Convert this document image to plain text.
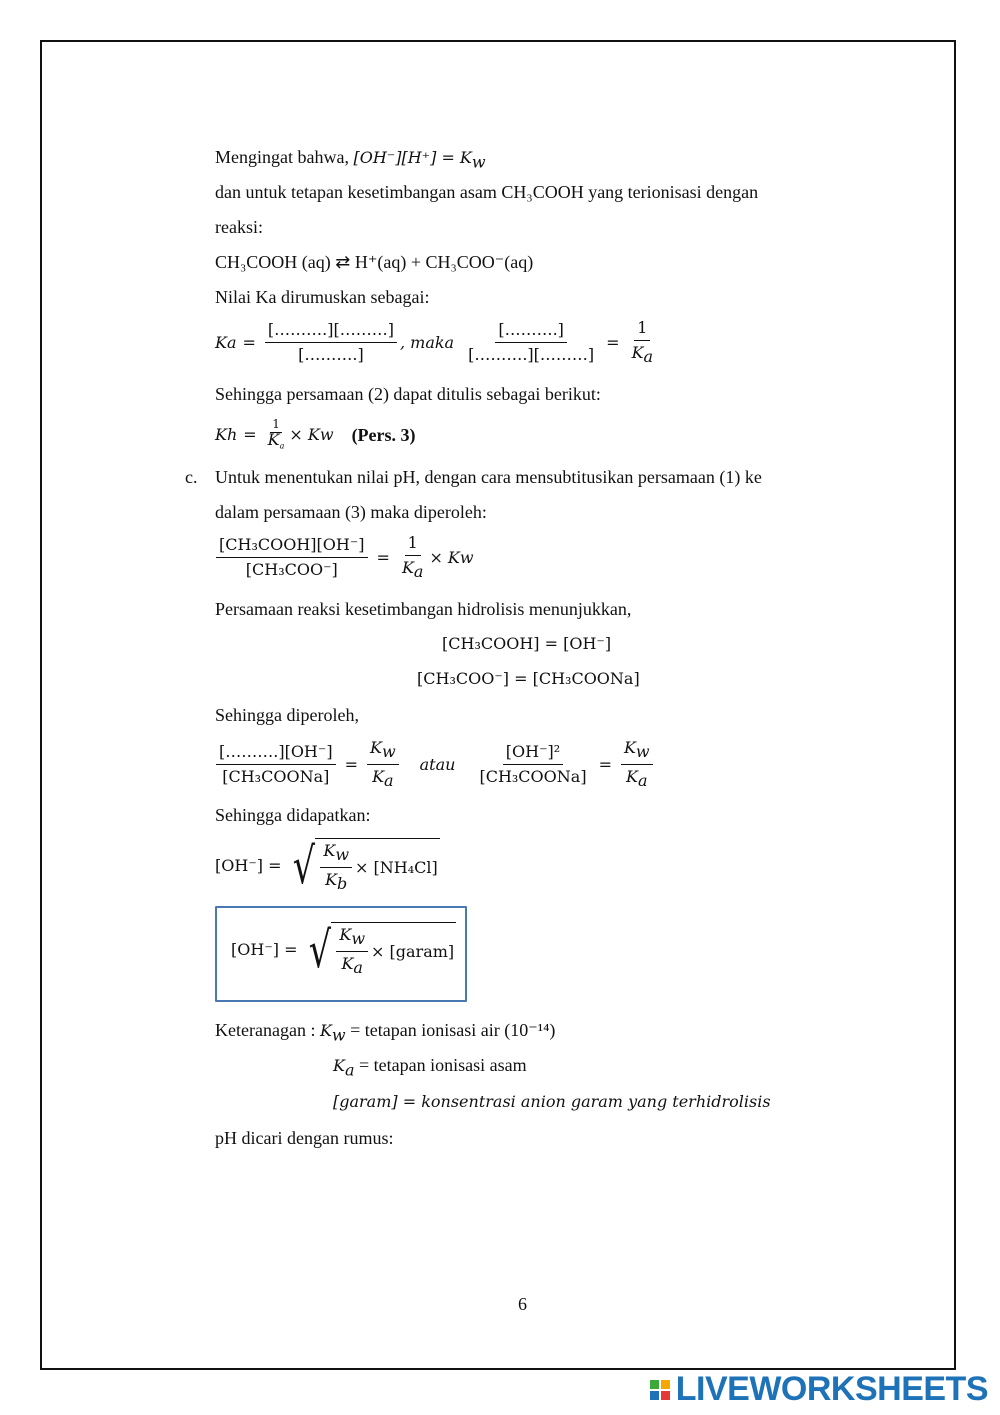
Mengingat bahwa, $[OH^-][H^+] = K_w$
dan untuk tetapan kesetimbangan asam CH₃COOH yang terionisasi dengan
reaksi:
CH₃COOH (aq) ⇄ H⁺(aq) + CH₃COO⁻(aq)
Nilai Ka dirumuskan sebagai:
K $a = \frac{[\dots\dots\dots.][\dots\dots\dots]}{[\dots\dots\dots.]}$ , maka $\frac{[\dots\dots\dots.]}{[\dots\dots\dots.][\dots\dots\dots]} = \frac{1}{K_a}$
Sehingga persamaan (2) dapat ditulis sebagai berikut:
K $h = \frac{1}{K_a} \times K$ w (Pers. 3)
c. Untuk menentukan nilai pH, dengan cara mensubtitusikan persamaan (1) ke
dalam persamaan (3) maka diperoleh:
$\frac{\text{[CH₃COOH][OH⁻]}}{\text{[CH₃COO⁻]}} = \frac{1}{K_a} \times K$ w
Persamaan reaksi kesetimbangan hidrolisis menunjukkan,
[CH₃COOH] = [OH⁻]
[CH₃COO⁻] = [CH₃COONa]
Sehingga diperoleh,
$\frac{[\dots\dots\dots.][OH^-]}{\text{[CH₃COONa]}} = \frac{K_w}{K_a}$ atau $\frac{\text{[OH⁻]²}}{\text{[CH₃COONa]}} = \frac{K_w}{K_a}$
Sehingga didapatkan:
[OH⁻] = √ $\frac{K_w}{K_b} \times [NH_4Cl]$
[OH⁻] = √ $\frac{K_w}{K_a}$ × [garam]
Keteranagan : $K_w$ = tetapan ionisasi air (10⁻¹⁴)
$K_a$ = tetapan ionisasi asam
[garam] = konsentrasi anion garam yang terhidrolisis
pH dicari dengan rumus:
6
LIVEWORKSHEETS
